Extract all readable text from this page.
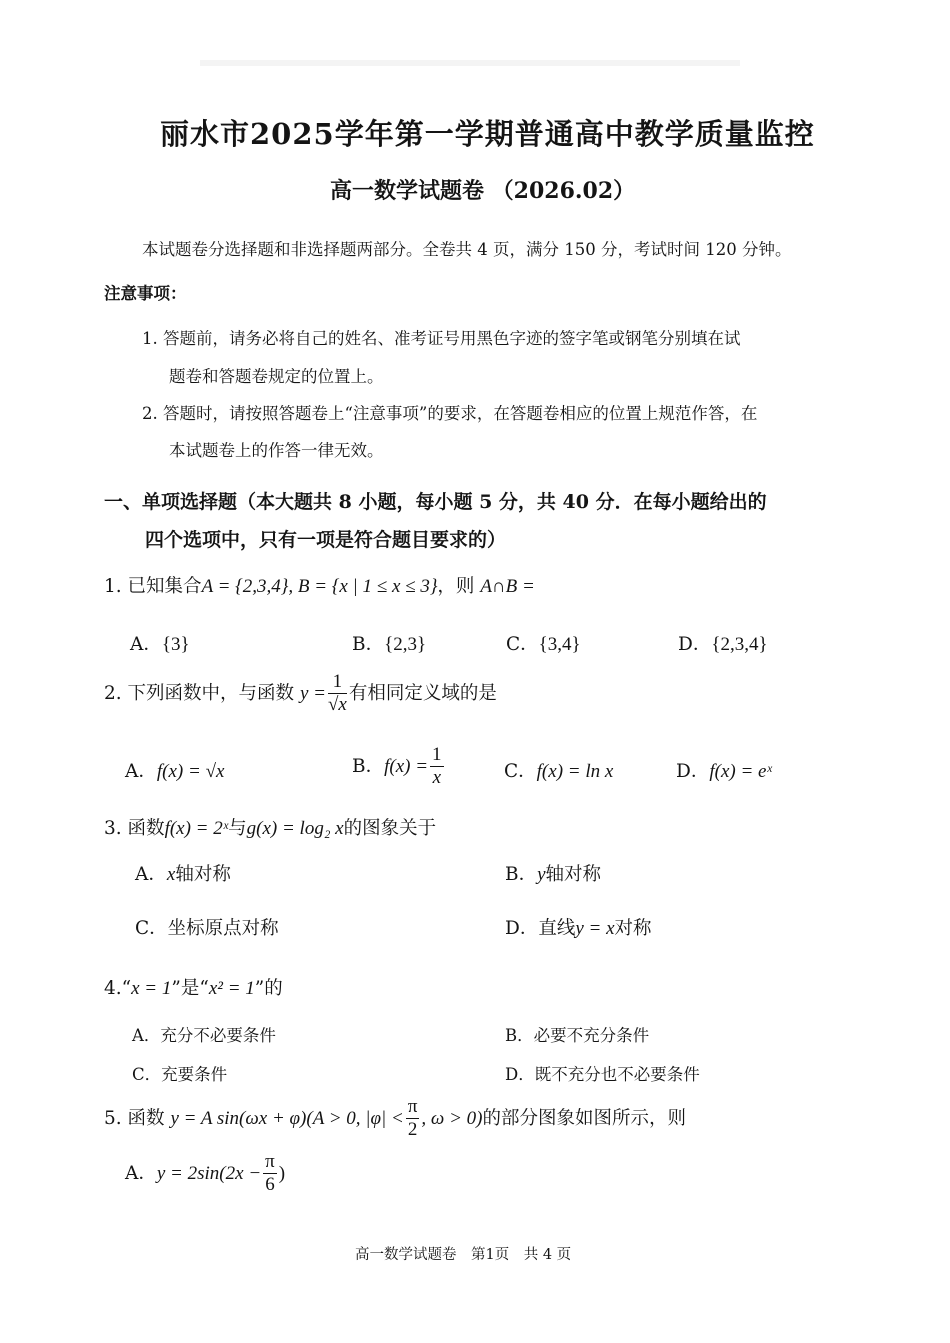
丽水市2025学年第一学期普通高中教学质量监控
高一数学试题卷 （2026.02）
本试题卷分选择题和非选择题两部分。全卷共 4 页，满分 150 分，考试时间 120 分钟。
注意事项：
1. 答题前，请务必将自己的姓名、准考证号用黑色字迹的签字笔或钢笔分别填在试
题卷和答题卷规定的位置上。
2. 答题时，请按照答题卷上“注意事项”的要求，在答题卷相应的位置上规范作答，在
本试题卷上的作答一律无效。
一、单项选择题（本大题共 8 小题，每小题 5 分，共 40 分．在每小题给出的
四个选项中，只有一项是符合题目要求的）
1. 已知集合A = {2,3,4}, B = {x | 1 ≤ x ≤ 3}，则 A∩B =
A．{3}	B．{2,3}	C．{3,4}	D．{2,3,4}
2. 下列函数中，与函数 $y = \frac{1}{√x}$ 有相同定义域的是
A．f(x) = √x	B．$f(x) = \frac{1}{x}$	C．f(x) = ln x	D．f(x) = eˣ
3. 函数f(x) = 2ˣ与g(x) = log₂ x的图象关于
A．x轴对称	B．y轴对称
C．坐标原点对称	D．直线y = x对称
4.“x = 1”是“x² = 1”的
A．充分不必要条件	B．必要不充分条件
C．充要条件	D．既不充分也不必要条件
5. 函数 y = A sin(ωx + φ)(A > 0, $|\varphi| < \frac{\pi}{2}$ , ω > 0)的部分图象如图所示，则
A．$y = 2\sin(2x - \frac{\pi}{6}$ )
高一数学试题卷　第1页　共 4 页
